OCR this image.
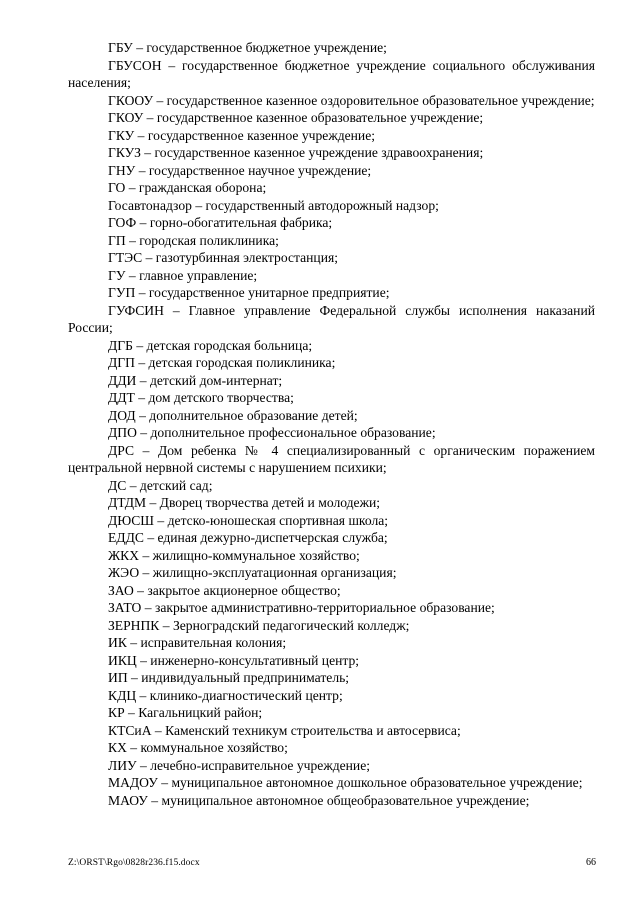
ГБУ – государственное бюджетное учреждение;

ГБУСОН – государственное бюджетное учреждение социального обслуживания населения;

ГКООУ – государственное казенное оздоровительное образовательное учреждение;

ГКОУ – государственное казенное образовательное учреждение;

ГКУ – государственное казенное учреждение;

ГКУЗ – государственное казенное учреждение здравоохранения;

ГНУ – государственное научное учреждение;

ГО – гражданская оборона;

Госавтонадзор – государственный автодорожный надзор;

ГОФ – горно-обогатительная фабрика;

ГП – городская поликлиника;

ГТЭС – газотурбинная электростанция;

ГУ – главное управление;

ГУП – государственное унитарное предприятие;

ГУФСИН – Главное управление Федеральной службы исполнения наказаний России;

ДГБ – детская городская больница;

ДГП – детская городская поликлиника;

ДДИ – детский дом-интернат;

ДДТ – дом детского творчества;

ДОД – дополнительное образование детей;

ДПО – дополнительное профессиональное образование;

ДРС – Дом ребенка № 4 специализированный с органическим поражением центральной нервной системы с нарушением психики;

ДС – детский сад;

ДТДМ – Дворец творчества детей и молодежи;

ДЮСШ – детско-юношеская спортивная школа;

ЕДДС – единая дежурно-диспетчерская служба;

ЖКХ – жилищно-коммунальное хозяйство;

ЖЭО – жилищно-эксплуатационная организация;

ЗАО – закрытое акционерное общество;

ЗАТО – закрытое административно-территориальное образование;

ЗЕРНПК – Зерноградский педагогический колледж;

ИК – исправительная колония;

ИКЦ – инженерно-консультативный центр;

ИП – индивидуальный предприниматель;

КДЦ – клинико-диагностический центр;

КР – Кагальницкий район;

КТСиА – Каменский техникум строительства и автосервиса;

КХ – коммунальное хозяйство;

ЛИУ – лечебно-исправительное учреждение;

МАДОУ – муниципальное автономное дошкольное образовательное учреждение;

МАОУ – муниципальное автономное общеобразовательное учреждение;

Z:\ORST\Rgo\0828r236.f15.docx	66
